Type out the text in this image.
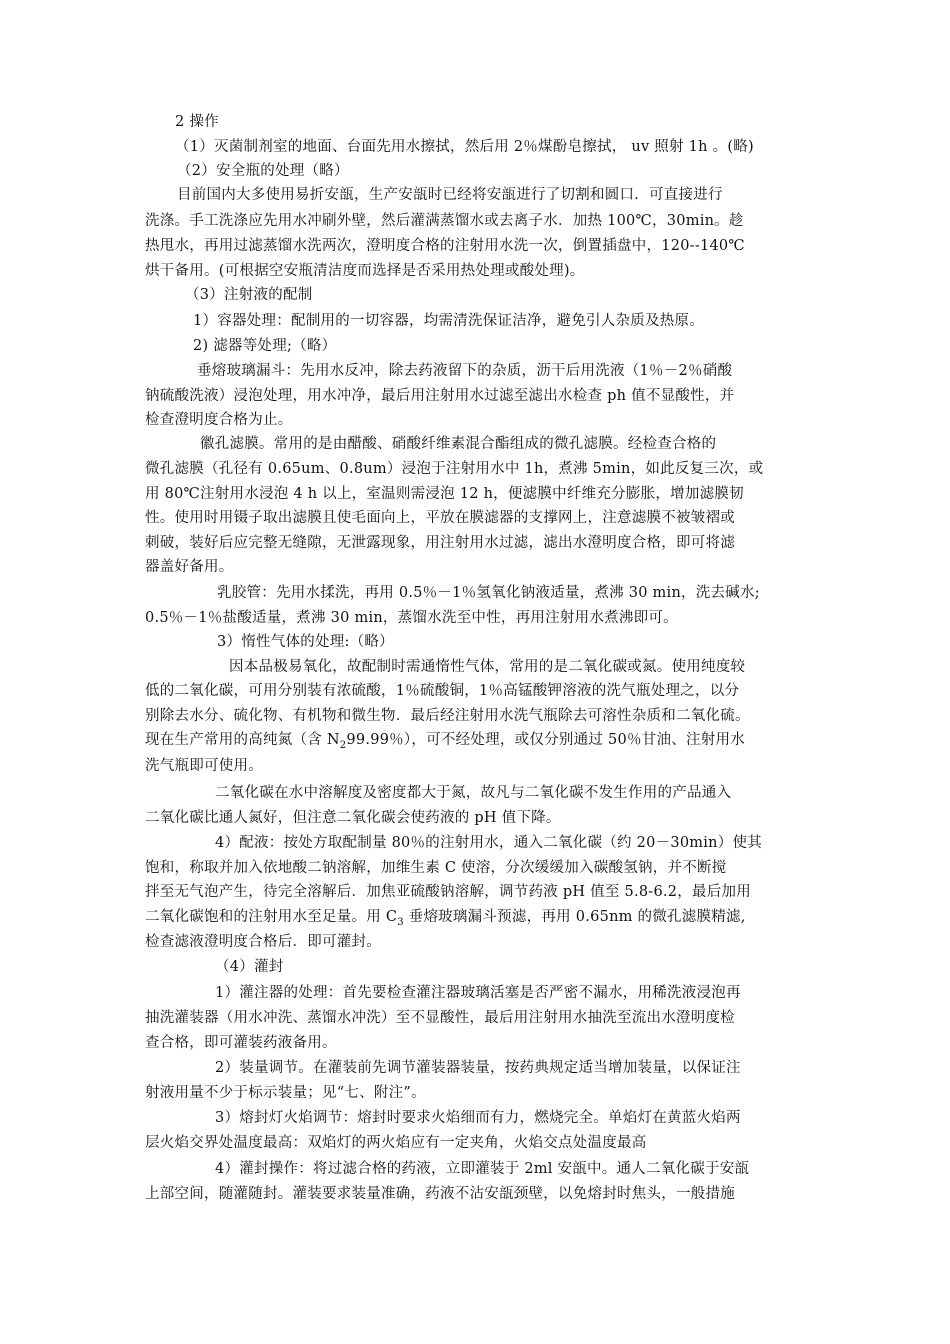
2 操作
（1）灭菌制剂室的地面、台面先用水擦拭，然后用 2％煤酚皂擦拭， uv 照射 1h 。(略)
（2）安全瓶的处理（略）
目前国内大多使用易折安瓿，生产安瓿时已经将安瓿进行了切割和圆口．可直接进行
洗涤。手工洗涤应先用水冲刷外壁，然后灌满蒸馏水或去离子水．加热 100℃，30min。趁
热甩水，再用过滤蒸馏水洗两次，澄明度合格的注射用水洗一次，倒置插盘中，120--140℃
烘干备用。(可根据空安瓶清洁度而选择是否采用热处理或酸处理)。
（3）注射液的配制
1）容器处理：配制用的一切容器，均需清洗保证洁净，避免引人杂质及热原。
2) 滤器等处理;（略）
垂熔玻璃漏斗：先用水反冲，除去药液留下的杂质，沥干后用洗液（1％－2％硝酸
钠硫酸洗液）浸泡处理，用水冲净，最后用注射用水过滤至滤出水检查 ph 值不显酸性，并
检查澄明度合格为止。
徽孔滤膜。常用的是由醋酸、硝酸纤维素混合酯组成的微孔滤膜。经检查合格的
微孔滤膜（孔径有 0.65um、0.8um）浸泡于注射用水中 1h，煮沸 5min，如此反复三次，或
用 80℃注射用水浸泡 4 h 以上，室温则需浸泡 12 h，便滤膜中纤维充分膨胀，增加滤膜韧
性。使用时用镊子取出滤膜且使毛面向上，平放在膜滤器的支撑网上，注意滤膜不被皱褶或
刺破，装好后应完整无缝隙，无泄露现象，用注射用水过滤，滤出水澄明度合格，即可将滤
器盖好备用。
乳胶管：先用水揉洗，再用 0.5％－1％氢氧化钠液适量，煮沸 30 min，洗去碱水;
0.5％－1％盐酸适量，煮沸 30 min，蒸馏水洗至中性，再用注射用水煮沸即可。
3）惰性气体的处理:（略）
因本品极易氧化，故配制时需通惰性气体，常用的是二氧化碳或氮。使用纯度较
低的二氧化碳，可用分别装有浓硫酸，1％硫酸铜，1％高锰酸钾溶液的洗气瓶处理之，以分
别除去水分、硫化物、有机物和微生物．最后经注射用水洗气瓶除去可溶性杂质和二氧化硫。
现在生产常用的高纯氮（含 $N_299.99$％），可不经处理，或仅分别通过 50％甘油、注射用水
洗气瓶即可使用。
二氧化碳在水中溶解度及密度都大于氮，故凡与二氧化碳不发生作用的产品通入
二氧化碳比通人氮好，但注意二氧化碳会使药液的 pH 值下降。
4）配液：按处方取配制量 80％的注射用水，通入二氧化碳（约 20－30min）使其
饱和，称取并加入依地酸二钠溶解，加维生素 C 使溶，分次缓缓加入碳酸氢钠，并不断搅
拌至无气泡产生，待完全溶解后．加焦亚硫酸钠溶解，调节药液 pH 值至 5.8-6.2，最后加用
二氧化碳饱和的注射用水至足量。用 $C_3$ 垂熔玻璃漏斗预滤，再用 0.65nm 的微孔滤膜精滤,
检查滤液澄明度合格后．即可灌封。
（4）灌封
1）灌注器的处理：首先要检查灌注器玻璃活塞是否严密不漏水，用稀洗液浸泡再
抽洗灌装器（用水冲洗、蒸馏水冲洗）至不显酸性，最后用注射用水抽洗至流出水澄明度检
查合格，即可灌装药液备用。
2）装量调节。在灌装前先调节灌装器装量，按药典规定适当增加装量，以保证注
射液用量不少于标示装量；见“七、附注”。
3）熔封灯火焰调节：熔封时要求火焰细而有力，燃烧完全。单焰灯在黄蓝火焰两
层火焰交界处温度最高：双焰灯的两火焰应有一定夹角，火焰交点处温度最高
4）灌封操作：将过滤合格的药液，立即灌装于 2ml 安瓿中。通人二氧化碳于安瓿
上部空间，随灌随封。灌装要求装量准确，药液不沾安瓿颈壁，以免熔封时焦头，一般措施
